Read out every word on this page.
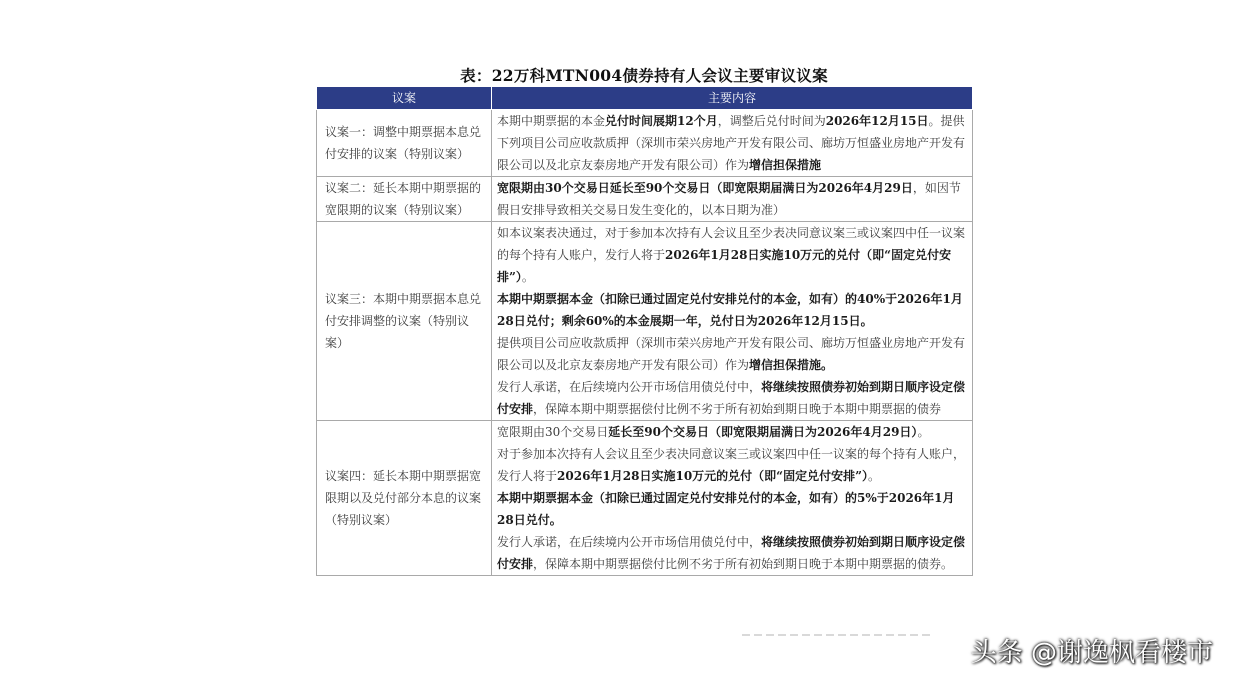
表：22万科MTN004债券持有人会议主要审议议案
议案	主要内容
议案一：调整中期票据本息兑付安排的议案（特别议案）	本期中期票据的本金兑付时间展期12个月，调整后兑付时间为2026年12月15日。提供下列项目公司应收款质押（深圳市荣兴房地产开发有限公司、廊坊万恒盛业房地产开发有限公司以及北京友泰房地产开发有限公司）作为增信担保措施
议案二：延长本期中期票据的宽限期的议案（特别议案）	宽限期由30个交易日延长至90个交易日（即宽限期届满日为2026年4月29日，如因节假日安排导致相关交易日发生变化的，以本日期为准）
议案三：本期中期票据本息兑付安排调整的议案（特别议案）	如本议案表决通过，对于参加本次持有人会议且至少表决同意议案三或议案四中任一议案的每个持有人账户，发行人将于2026年1月28日实施10万元的兑付（即“固定兑付安排”）。
本期中期票据本金（扣除已通过固定兑付安排兑付的本金，如有）的40%于2026年1月28日兑付；剩余60%的本金展期一年，兑付日为2026年12月15日。
提供项目公司应收款质押（深圳市荣兴房地产开发有限公司、廊坊万恒盛业房地产开发有限公司以及北京友泰房地产开发有限公司）作为增信担保措施。
发行人承诺，在后续境内公开市场信用债兑付中，将继续按照债券初始到期日顺序设定偿付安排，保障本期中期票据偿付比例不劣于所有初始到期日晚于本期中期票据的债券
议案四：延长本期中期票据宽限期以及兑付部分本息的议案（特别议案）	宽限期由30个交易日延长至90个交易日（即宽限期届满日为2026年4月29日）。
对于参加本次持有人会议且至少表决同意议案三或议案四中任一议案的每个持有人账户，发行人将于2026年1月28日实施10万元的兑付（即“固定兑付安排”）。
本期中期票据本金（扣除已通过固定兑付安排兑付的本金，如有）的5%于2026年1月28日兑付。
发行人承诺，在后续境内公开市场信用债兑付中，将继续按照债券初始到期日顺序设定偿付安排，保障本期中期票据偿付比例不劣于所有初始到期日晚于本期中期票据的债券。
头条 @谢逸枫看楼市
